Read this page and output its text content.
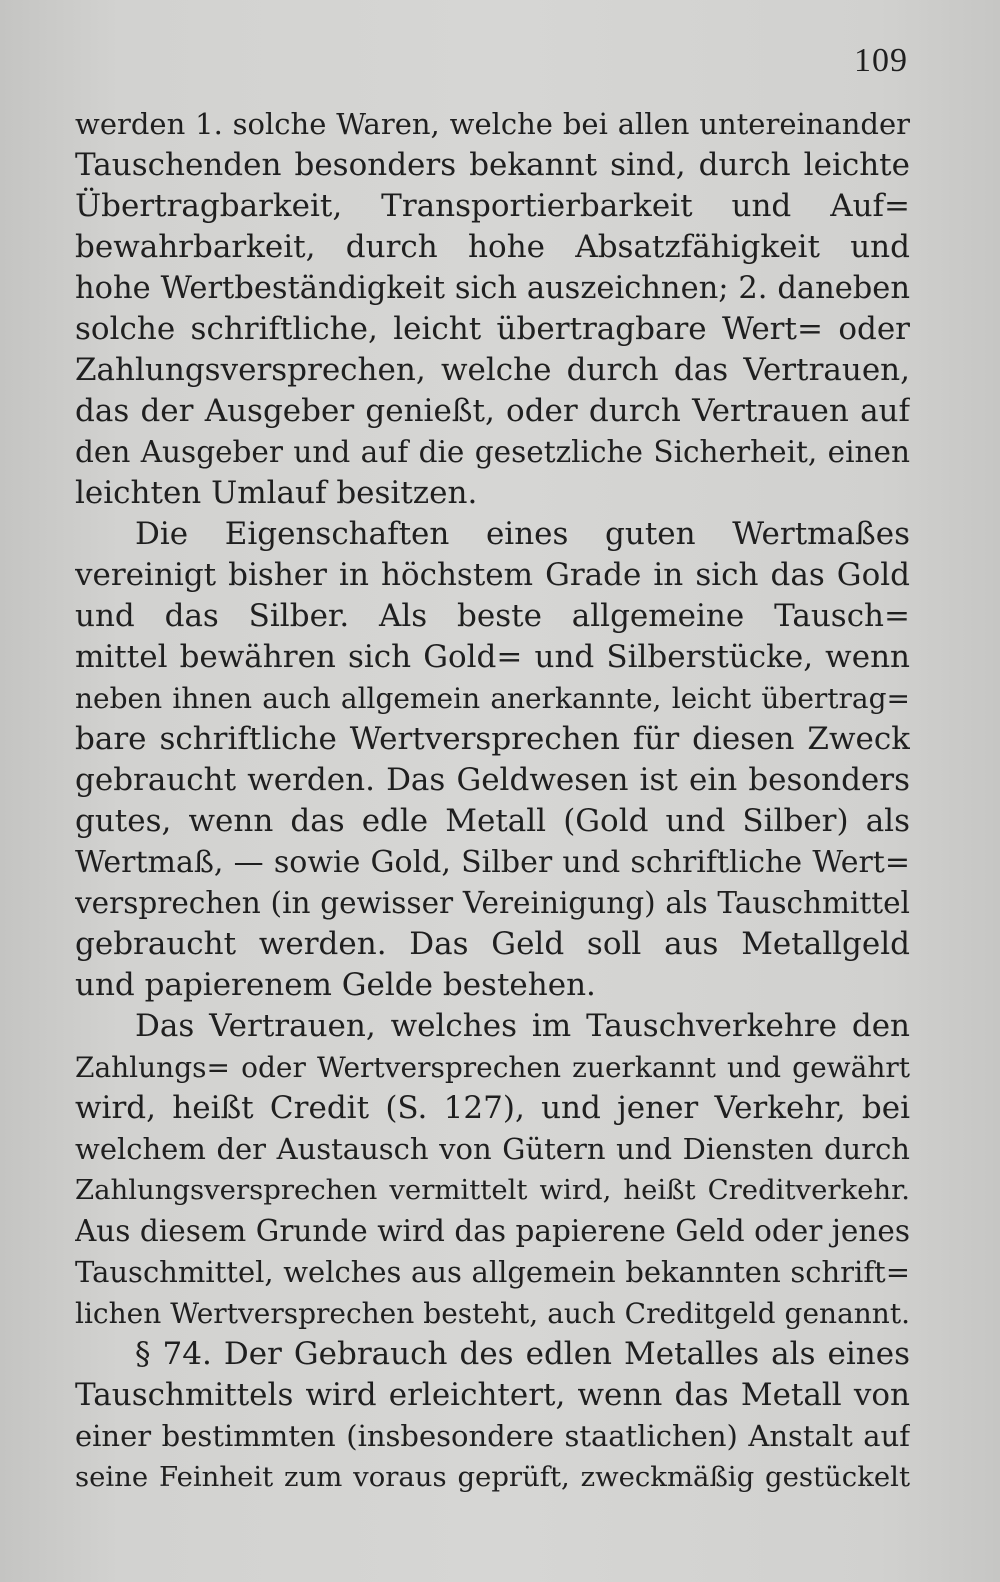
109
werden 1. solche Waren, welche bei allen untereinander
Tauschenden besonders bekannt sind, durch leichte
Übertragbarkeit, Transportierbarkeit und Auf=
bewahrbarkeit, durch hohe Absatzfähigkeit und
hohe Wertbeständigkeit sich auszeichnen; 2. daneben
solche schriftliche, leicht übertragbare Wert= oder
Zahlungsversprechen, welche durch das Vertrauen,
das der Ausgeber genießt, oder durch Vertrauen auf
den Ausgeber und auf die gesetzliche Sicherheit, einen
leichten Umlauf besitzen.
Die Eigenschaften eines guten Wertmaßes
vereinigt bisher in höchstem Grade in sich das Gold
und das Silber. Als beste allgemeine Tausch=
mittel bewähren sich Gold= und Silberstücke, wenn
neben ihnen auch allgemein anerkannte, leicht übertrag=
bare schriftliche Wertversprechen für diesen Zweck
gebraucht werden. Das Geldwesen ist ein besonders
gutes, wenn das edle Metall (Gold und Silber) als
Wertmaß, — sowie Gold, Silber und schriftliche Wert=
versprechen (in gewisser Vereinigung) als Tauschmittel
gebraucht werden. Das Geld soll aus Metallgeld
und papierenem Gelde bestehen.
Das Vertrauen, welches im Tauschverkehre den
Zahlungs= oder Wertversprechen zuerkannt und gewährt
wird, heißt Credit (S. 127), und jener Verkehr, bei
welchem der Austausch von Gütern und Diensten durch
Zahlungsversprechen vermittelt wird, heißt Creditverkehr.
Aus diesem Grunde wird das papierene Geld oder jenes
Tauschmittel, welches aus allgemein bekannten schrift=
lichen Wertversprechen besteht, auch Creditgeld genannt.
§ 74. Der Gebrauch des edlen Metalles als eines
Tauschmittels wird erleichtert, wenn das Metall von
einer bestimmten (insbesondere staatlichen) Anstalt auf
seine Feinheit zum voraus geprüft, zweckmäßig gestückelt
